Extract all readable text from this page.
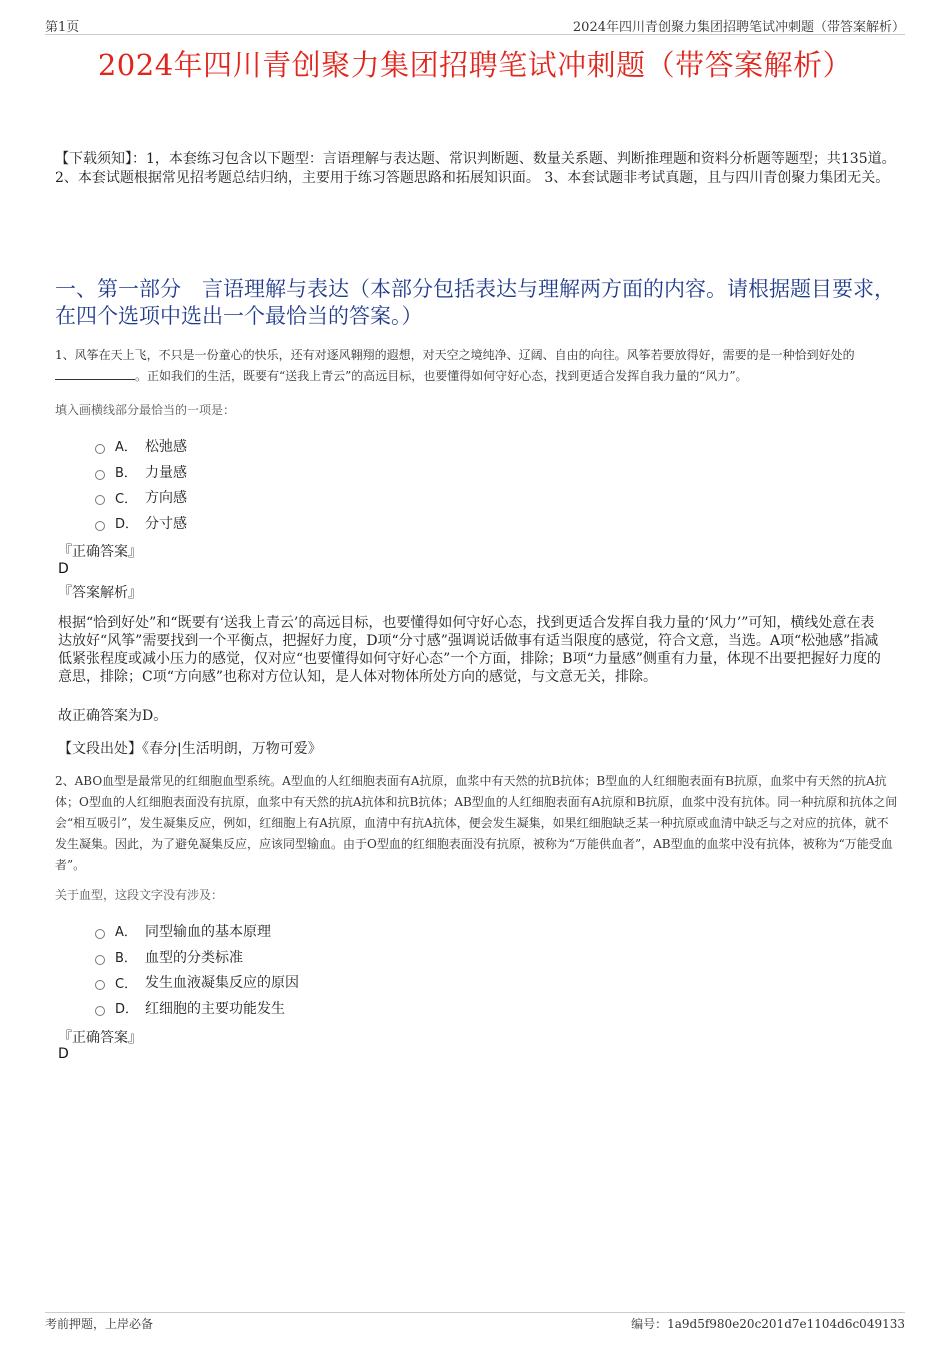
第1页	2024年四川青创聚力集团招聘笔试冲刺题（带答案解析）
2024年四川青创聚力集团招聘笔试冲刺题（带答案解析）
【下载须知】：1，本套练习包含以下题型：言语理解与表达题、常识判断题、数量关系题、判断推理题和资料分析题等题型；共135道。 2、本套试题根据常见招考题总结归纳，主要用于练习答题思路和拓展知识面。 3、本套试题非考试真题，且与四川青创聚力集团无关。
一、第一部分　言语理解与表达（本部分包括表达与理解两方面的内容。请根据题目要求，在四个选项中选出一个最恰当的答案。）
1、风筝在天上飞，不只是一份童心的快乐，还有对逐风翱翔的遐想，对天空之境纯净、辽阔、自由的向往。风筝若要放得好，需要的是一种恰到好处的。正如我们的生活，既要有“送我上青云”的高远目标，也要懂得如何守好心态，找到更适合发挥自我力量的“风力”。
填入画横线部分最恰当的一项是：
A． 松弛感
B． 力量感
C． 方向感
D． 分寸感
『正确答案』
D
『答案解析』
根据“恰到好处”和“既要有‘送我上青云’的高远目标，也要懂得如何守好心态，找到更适合发挥自我力量的‘风力’”可知，横线处意在表达放好“风筝”需要找到一个平衡点，把握好力度，D项“分寸感”强调说话做事有适当限度的感觉，符合文意，当选。A项“松弛感”指减低紧张程度或减小压力的感觉，仅对应“也要懂得如何守好心态”一个方面，排除；B项“力量感”侧重有力量，体现不出要把握好力度的意思，排除；C项“方向感”也称对方位认知，是人体对物体所处方向的感觉，与文意无关，排除。
故正确答案为D。
【文段出处】《春分|生活明朗，万物可爱》
2、ABO血型是最常见的红细胞血型系统。A型血的人红细胞表面有A抗原，血浆中有天然的抗B抗体；B型血的人红细胞表面有B抗原，血浆中有天然的抗A抗体；O型血的人红细胞表面没有抗原，血浆中有天然的抗A抗体和抗B抗体；AB型血的人红细胞表面有A抗原和B抗原，血浆中没有抗体。同一种抗原和抗体之间会“相互吸引”，发生凝集反应，例如，红细胞上有A抗原，血清中有抗A抗体，便会发生凝集，如果红细胞缺乏某一种抗原或血清中缺乏与之对应的抗体，就不发生凝集。因此，为了避免凝集反应，应该同型输血。由于O型血的红细胞表面没有抗原，被称为“万能供血者”，AB型血的血浆中没有抗体，被称为“万能受血者”。
关于血型，这段文字没有涉及：
A． 同型输血的基本原理
B． 血型的分类标准
C． 发生血液凝集反应的原因
D． 红细胞的主要功能发生
『正确答案』
D
考前押题，上岸必备	编号：1a9d5f980e20c201d7e1104d6c049133
